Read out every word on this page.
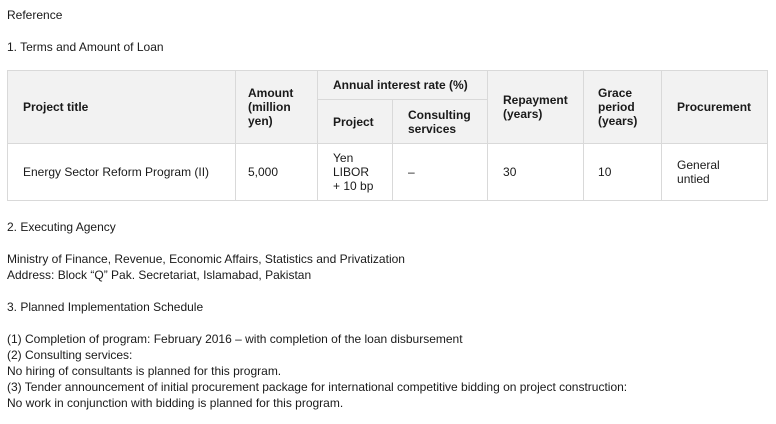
Reference
1. Terms and Amount of Loan
Project title	Amount (million yen)	Annual interest rate (%)		Repayment (years)	Grace period (years)	Procurement
		Project	Consulting services			
Energy Sector Reform Program (II)	5,000	Yen LIBOR + 10 bp	–	30	10	General untied
2. Executing Agency
Ministry of Finance, Revenue, Economic Affairs, Statistics and Privatization
Address: Block “Q” Pak. Secretariat, Islamabad, Pakistan
3. Planned Implementation Schedule
(1) Completion of program: February 2016 – with completion of the loan disbursement
(2) Consulting services:
No hiring of consultants is planned for this program.
(3) Tender announcement of initial procurement package for international competitive bidding on project construction:
No work in conjunction with bidding is planned for this program.
